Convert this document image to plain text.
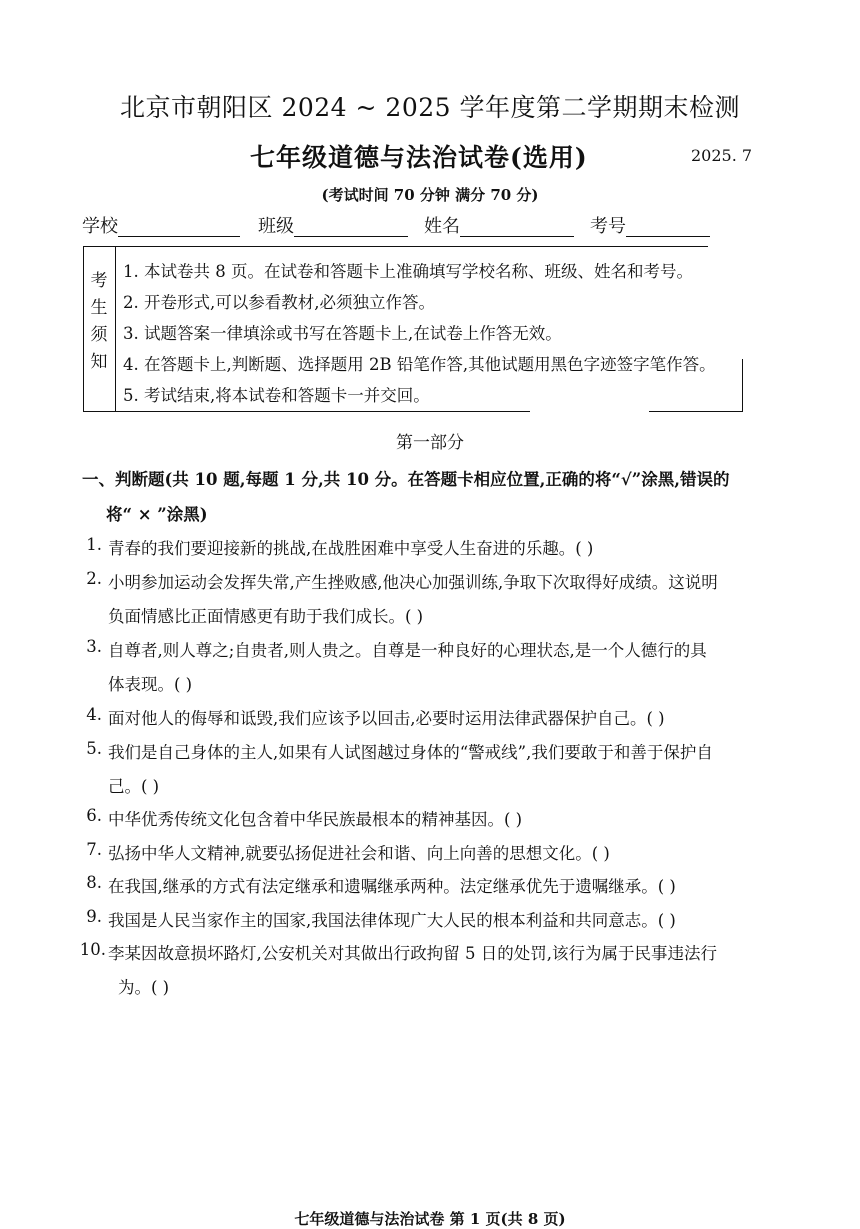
北京市朝阳区 2024 ~ 2025 学年度第二学期期末检测
七年级道德与法治试卷(选用)	2025. 7
(考试时间 70 分钟 满分 70 分)
学校	班级	姓名	考号
考
生
须
知
1. 本试卷共 8 页。在试卷和答题卡上准确填写学校名称、班级、姓名和考号。
2. 开卷形式,可以参看教材,必须独立作答。
3. 试题答案一律填涂或书写在答题卡上,在试卷上作答无效。
4. 在答题卡上,判断题、选择题用 2B 铅笔作答,其他试题用黑色字迹签字笔作答。
5. 考试结束,将本试卷和答题卡一并交回。
第一部分
一、判断题(共 10 题,每题 1 分,共 10 分。在答题卡相应位置,正确的将“√”涂黑,错误的
将“ × ”涂黑)
1. 青春的我们要迎接新的挑战,在战胜困难中享受人生奋进的乐趣。( )
2. 小明参加运动会发挥失常,产生挫败感,他决心加强训练,争取下次取得好成绩。这说明
负面情感比正面情感更有助于我们成长。( )
3. 自尊者,则人尊之;自贵者,则人贵之。自尊是一种良好的心理状态,是一个人德行的具
体表现。( )
4. 面对他人的侮辱和诋毁,我们应该予以回击,必要时运用法律武器保护自己。( )
5. 我们是自己身体的主人,如果有人试图越过身体的“警戒线”,我们要敢于和善于保护自
己。( )
6. 中华优秀传统文化包含着中华民族最根本的精神基因。( )
7. 弘扬中华人文精神,就要弘扬促进社会和谐、向上向善的思想文化。( )
8. 在我国,继承的方式有法定继承和遗嘱继承两种。法定继承优先于遗嘱继承。( )
9. 我国是人民当家作主的国家,我国法律体现广大人民的根本利益和共同意志。( )
10. 李某因故意损坏路灯,公安机关对其做出行政拘留 5 日的处罚,该行为属于民事违法行
为。( )
七年级道德与法治试卷 第 1 页(共 8 页)
